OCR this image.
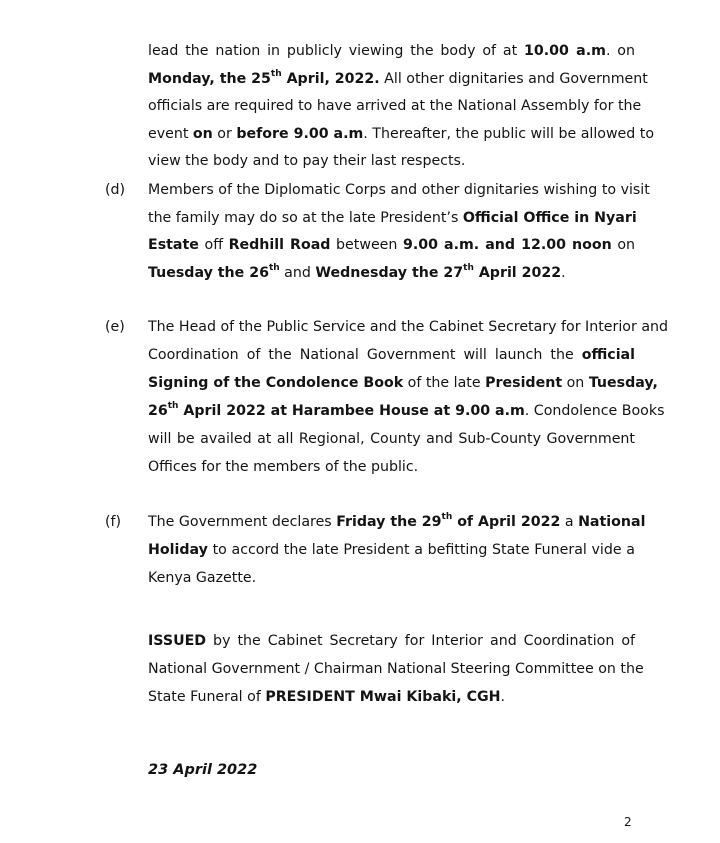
lead the nation in publicly viewing the body of at 10.00 a.m. on
Monday, the 25th April, 2022. All other dignitaries and Government
officials are required to have arrived at the National Assembly for the
event on or before 9.00 a.m. Thereafter, the public will be allowed to
view the body and to pay their last respects.
(d)	Members of the Diplomatic Corps and other dignitaries wishing to visit
the family may do so at the late President’s Official Office in Nyari
Estate off Redhill Road between 9.00 a.m. and 12.00 noon on
Tuesday the 26th and Wednesday the 27th April 2022.
(e)	The Head of the Public Service and the Cabinet Secretary for Interior and
Coordination of the National Government will launch the official
Signing of the Condolence Book of the late President on Tuesday,
26th April 2022 at Harambee House at 9.00 a.m. Condolence Books
will be availed at all Regional, County and Sub-County Government
Offices for the members of the public.
(f)	The Government declares Friday the 29th of April 2022 a National
Holiday to accord the late President a befitting State Funeral vide a
Kenya Gazette.
ISSUED by the Cabinet Secretary for Interior and Coordination of
National Government / Chairman National Steering Committee on the
State Funeral of PRESIDENT Mwai Kibaki, CGH.
23 April 2022
2
